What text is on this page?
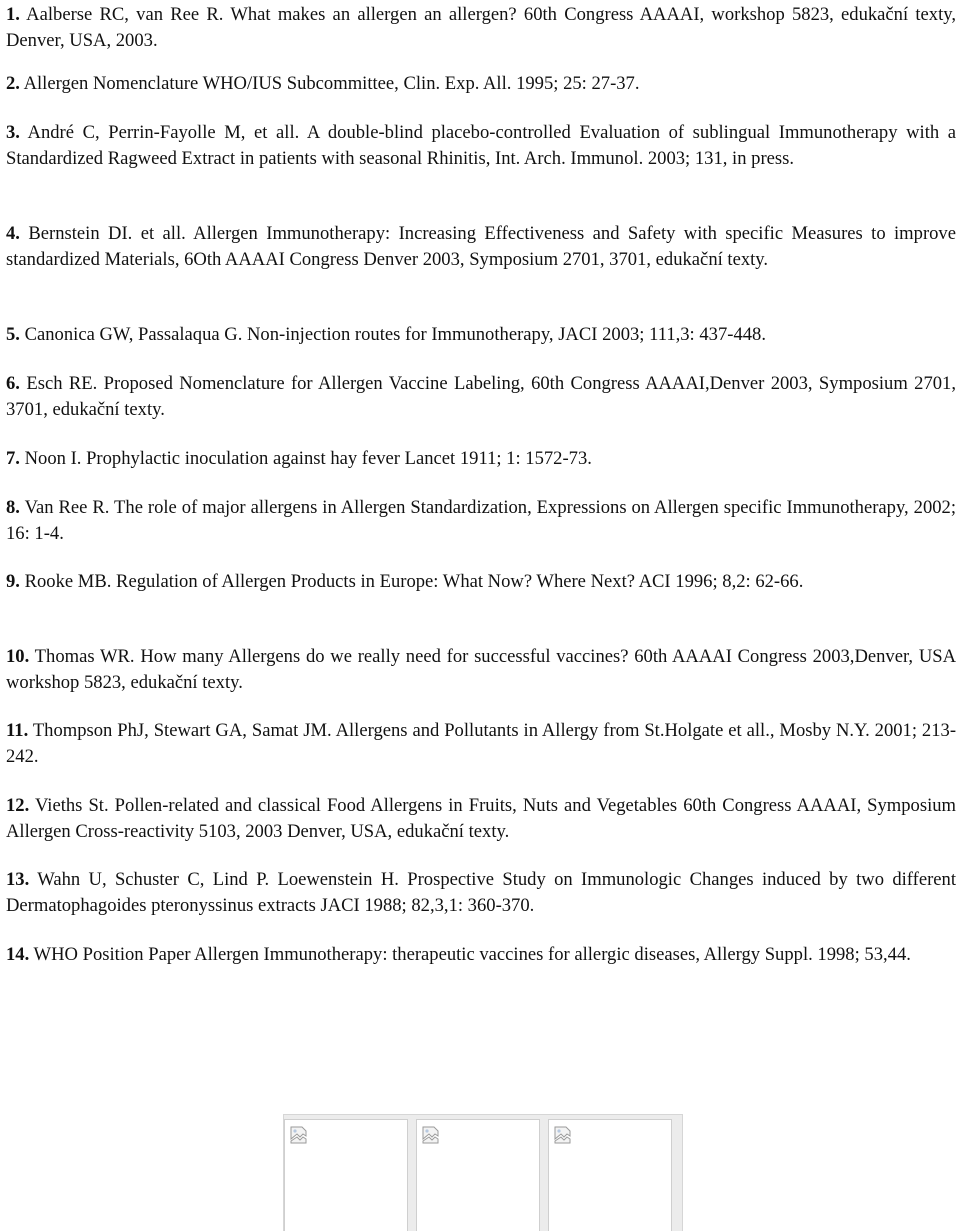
1. Aalberse RC, van Ree R. What makes an allergen an allergen? 60th Congress AAAAI, workshop 5823, edukační texty, Denver, USA, 2003.
2. Allergen Nomenclature WHO/IUS Subcommittee, Clin. Exp. All. 1995; 25: 27-37.
3. André C, Perrin-Fayolle M, et all. A double-blind placebo-controlled Evaluation of sublingual Immunotherapy with a Standardized Ragweed Extract in patients with seasonal Rhinitis, Int. Arch. Immunol. 2003; 131, in press.
4. Bernstein DI. et all. Allergen Immunotherapy: Increasing Effectiveness and Safety with specific Measures to improve standardized Materials, 6Oth AAAAI Congress Denver 2003, Symposium 2701, 3701, edukační texty.
5. Canonica GW, Passalaqua G. Non-injection routes for Immunotherapy, JACI 2003; 111,3: 437-448.
6. Esch RE. Proposed Nomenclature for Allergen Vaccine Labeling, 60th Congress AAAAI,Denver 2003, Symposium 2701, 3701, edukační texty.
7. Noon I. Prophylactic inoculation against hay fever Lancet 1911; 1: 1572-73.
8. Van Ree R. The role of major allergens in Allergen Standardization, Expressions on Allergen specific Immunotherapy, 2002; 16: 1-4.
9. Rooke MB. Regulation of Allergen Products in Europe: What Now? Where Next? ACI 1996; 8,2: 62-66.
10. Thomas WR. How many Allergens do we really need for successful vaccines? 60th AAAAI Congress 2003,Denver, USA workshop 5823, edukační texty.
11. Thompson PhJ, Stewart GA, Samat JM. Allergens and Pollutants in Allergy from St.Holgate et all., Mosby N.Y. 2001; 213-242.
12. Vieths St. Pollen-related and classical Food Allergens in Fruits, Nuts and Vegetables 60th Congress AAAAI, Symposium Allergen Cross-reactivity 5103, 2003 Denver, USA, edukační texty.
13. Wahn U, Schuster C, Lind P. Loewenstein H. Prospective Study on Immunologic Changes induced by two different Dermatophagoides pteronyssinus extracts JACI 1988; 82,3,1: 360-370.
14. WHO Position Paper Allergen Immunotherapy: therapeutic vaccines for allergic diseases, Allergy Suppl. 1998; 53,44.
